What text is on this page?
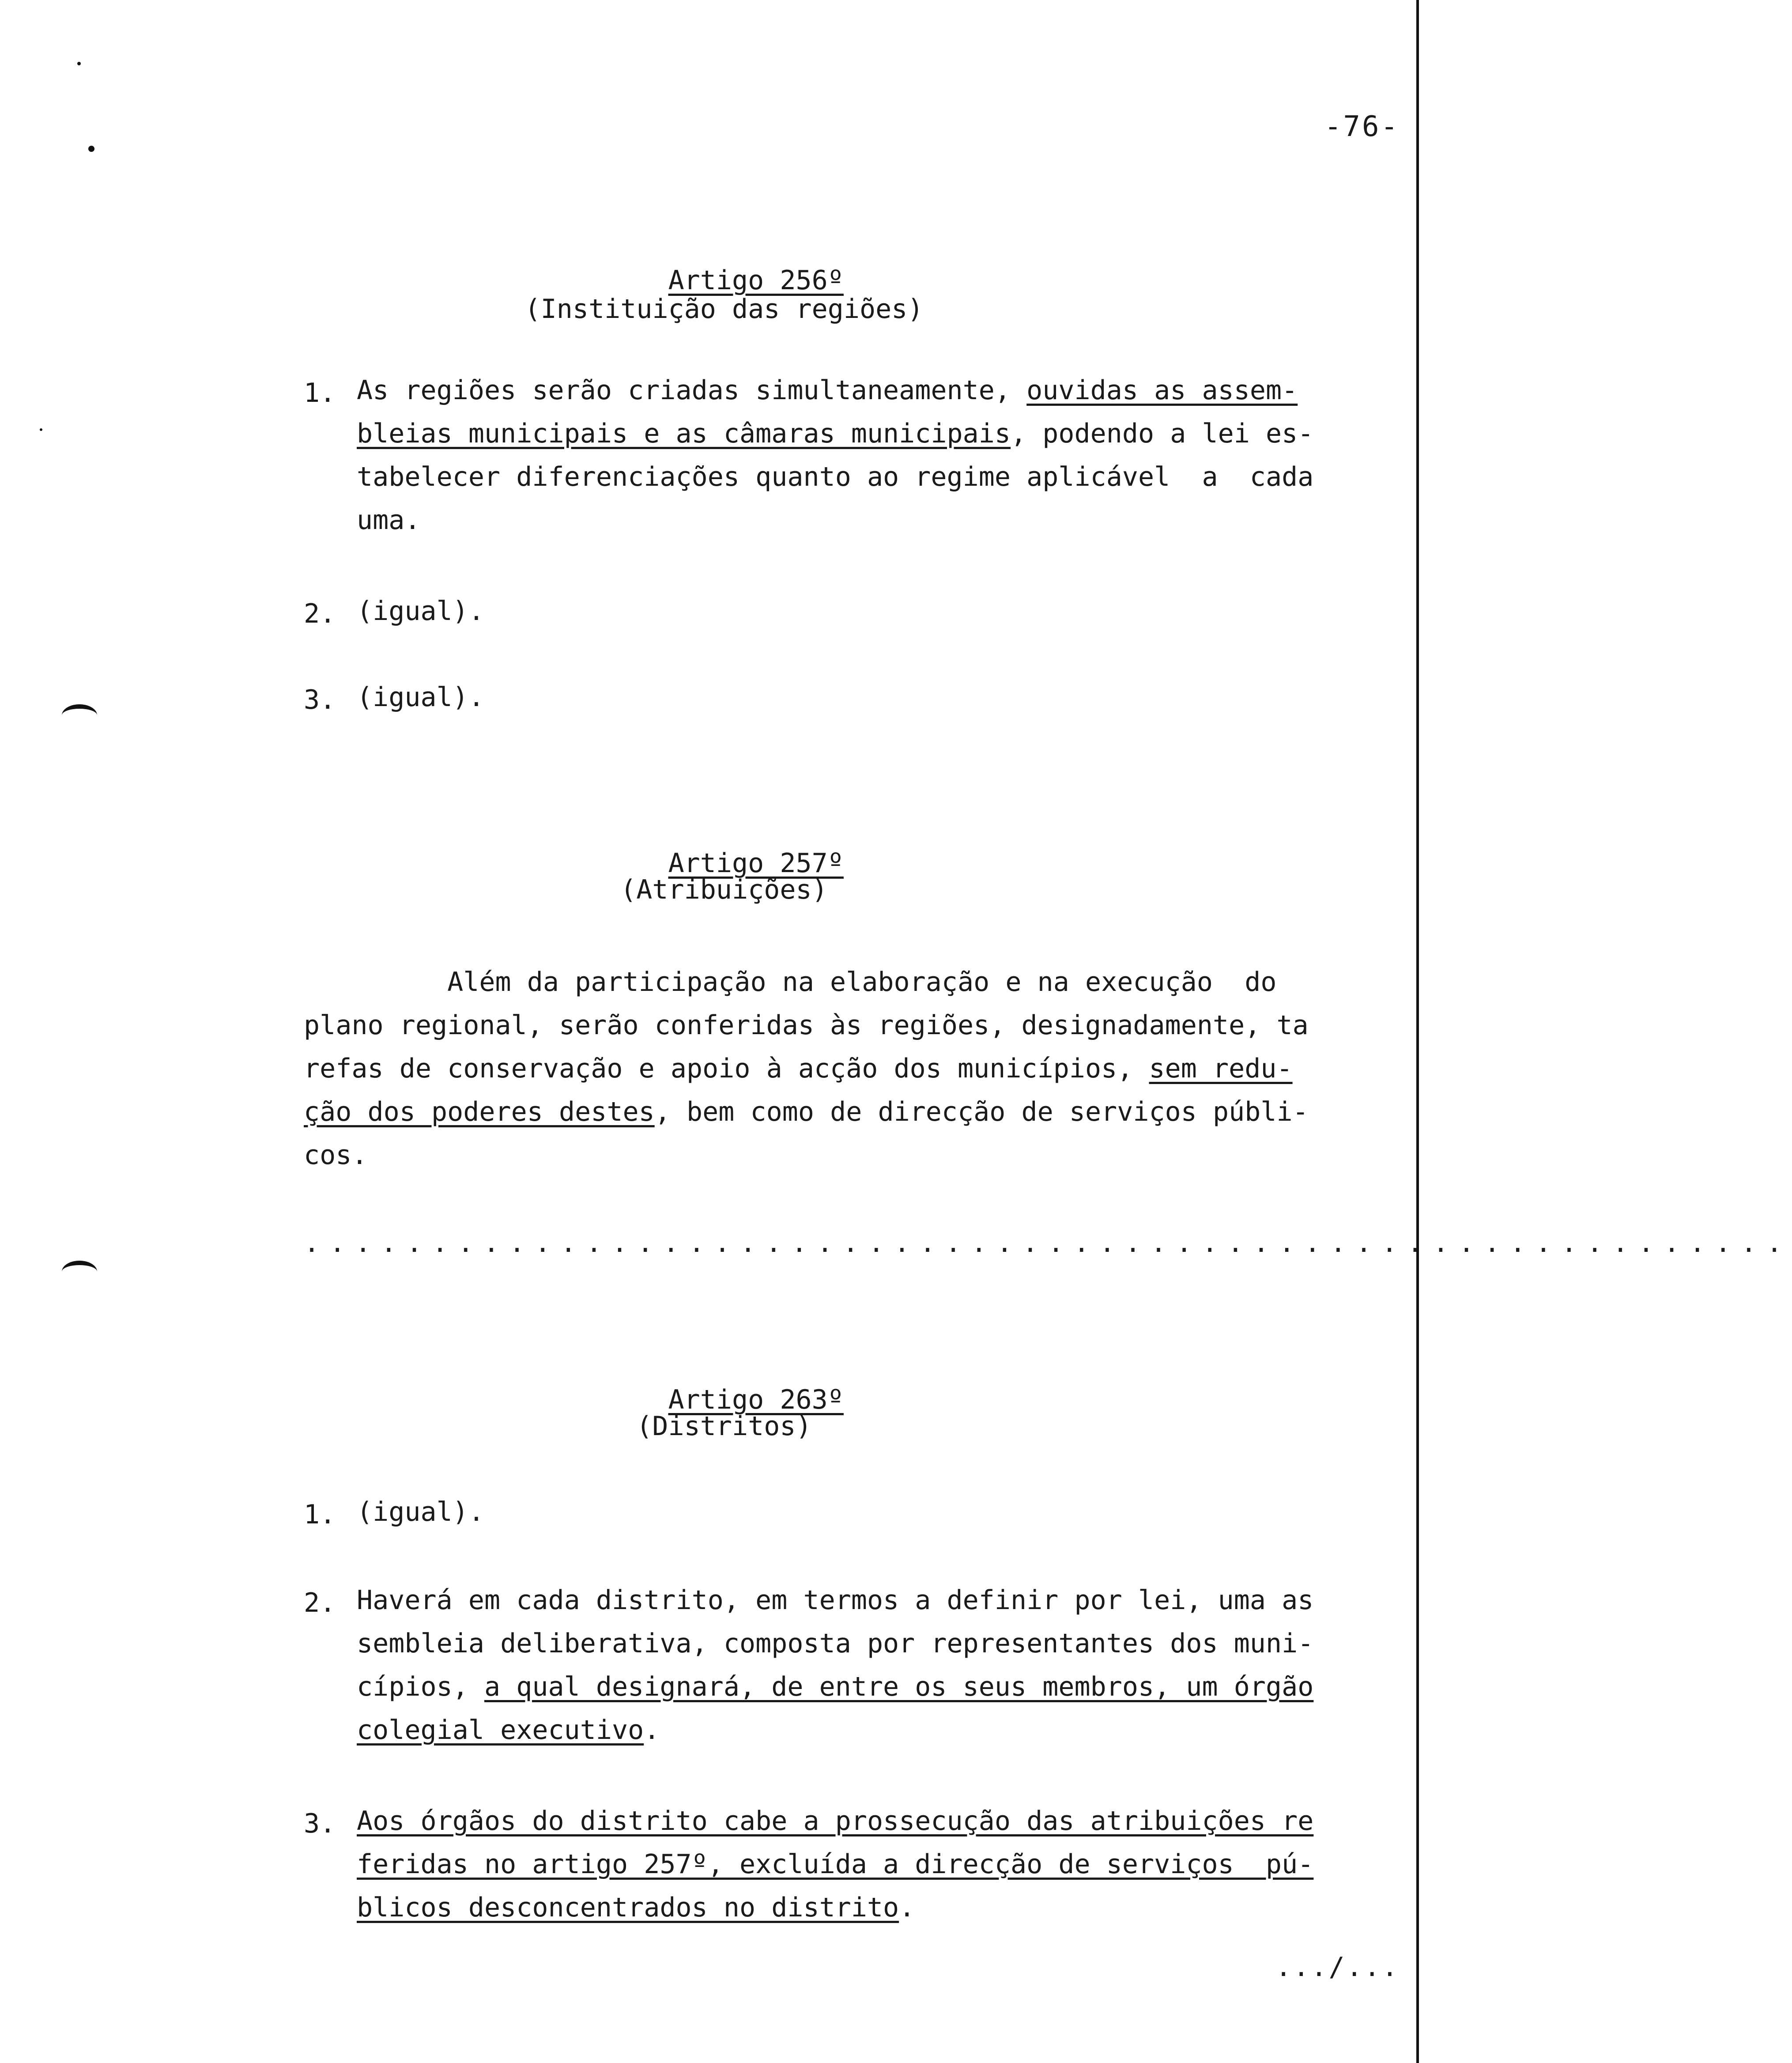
-76-

Artigo 256º

(Instituição das regiões)
1. As regiões serão criadas simultaneamente, ouvidas as assem-
bleias municipais e as câmaras municipais, podendo a lei es-
tabelecer diferenciações quanto ao regime aplicável  a  cada
uma.
2. (igual).
3. (igual).

Artigo 257º

(Atribuições)
Além da participação na elaboração e na execução  do
plano regional, serão conferidas às regiões, designadamente, ta
refas de conservação e apoio à acção dos municípios, sem redu-
ção dos poderes destes, bem como de direcção de serviços públi-
cos.
..........................................................

Artigo 263º

(Distritos)
1. (igual).
2. Haverá em cada distrito, em termos a definir por lei, uma as
sembleia deliberativa, composta por representantes dos muni-
cípios, a qual designará, de entre os seus membros, um órgão
colegial executivo.
3. Aos órgãos do distrito cabe a prossecução das atribuições re
feridas no artigo 257º, excluída a direcção de serviços  pú-
blicos desconcentrados no distrito.
.../...
